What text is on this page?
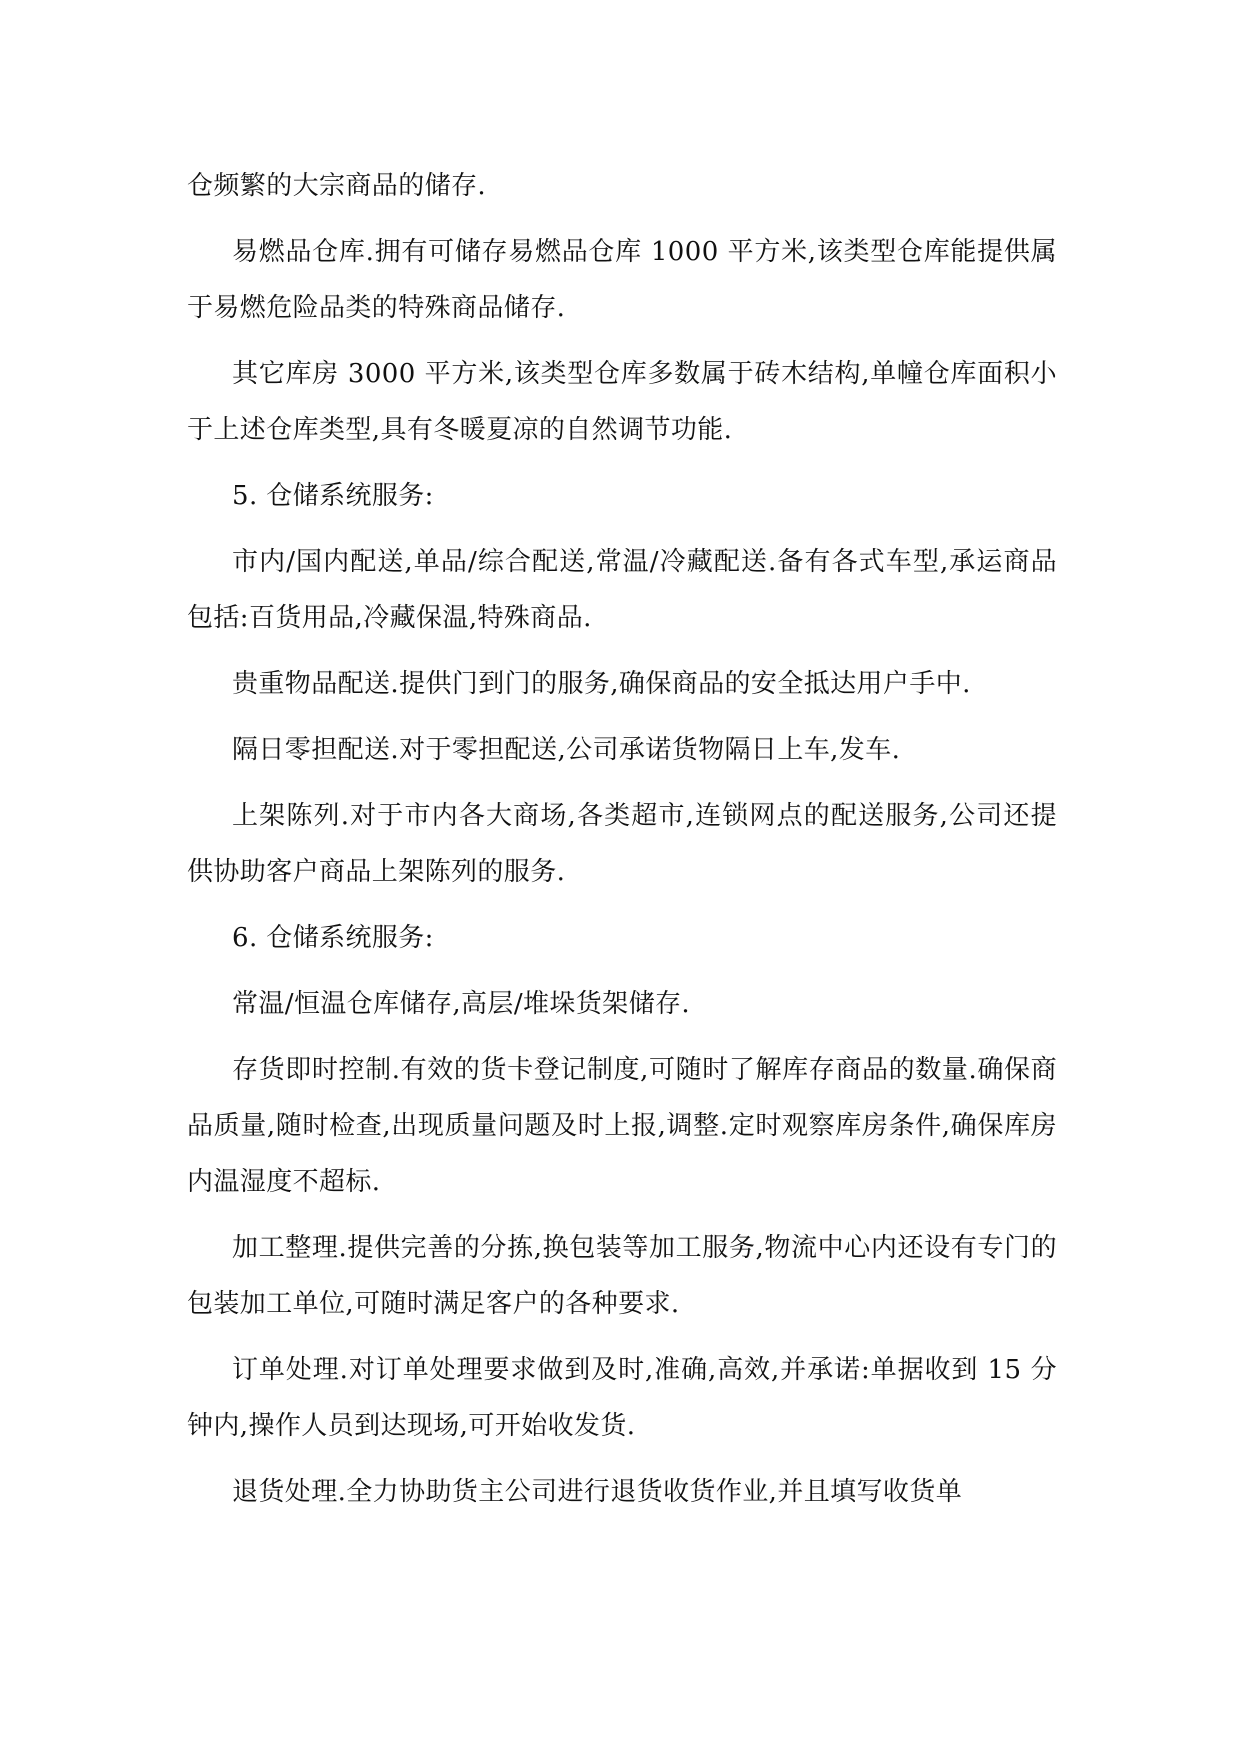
仓频繁的大宗商品的储存.

易燃品仓库.拥有可储存易燃品仓库 1000 平方米,该类型仓库能提供属于易燃危险品类的特殊商品储存.

其它库房 3000 平方米,该类型仓库多数属于砖木结构,单幢仓库面积小于上述仓库类型,具有冬暖夏凉的自然调节功能.

5. 仓储系统服务:

市内/国内配送,单品/综合配送,常温/冷藏配送.备有各式车型,承运商品包括:百货用品,冷藏保温,特殊商品.

贵重物品配送.提供门到门的服务,确保商品的安全抵达用户手中.

隔日零担配送.对于零担配送,公司承诺货物隔日上车,发车.

上架陈列.对于市内各大商场,各类超市,连锁网点的配送服务,公司还提供协助客户商品上架陈列的服务.

6. 仓储系统服务:

常温/恒温仓库储存,高层/堆垛货架储存.

存货即时控制.有效的货卡登记制度,可随时了解库存商品的数量.确保商品质量,随时检查,出现质量问题及时上报,调整.定时观察库房条件,确保库房内温湿度不超标.

加工整理.提供完善的分拣,换包装等加工服务,物流中心内还设有专门的包装加工单位,可随时满足客户的各种要求.

订单处理.对订单处理要求做到及时,准确,高效,并承诺:单据收到 15 分钟内,操作人员到达现场,可开始收发货.

退货处理.全力协助货主公司进行退货收货作业,并且填写收货单
